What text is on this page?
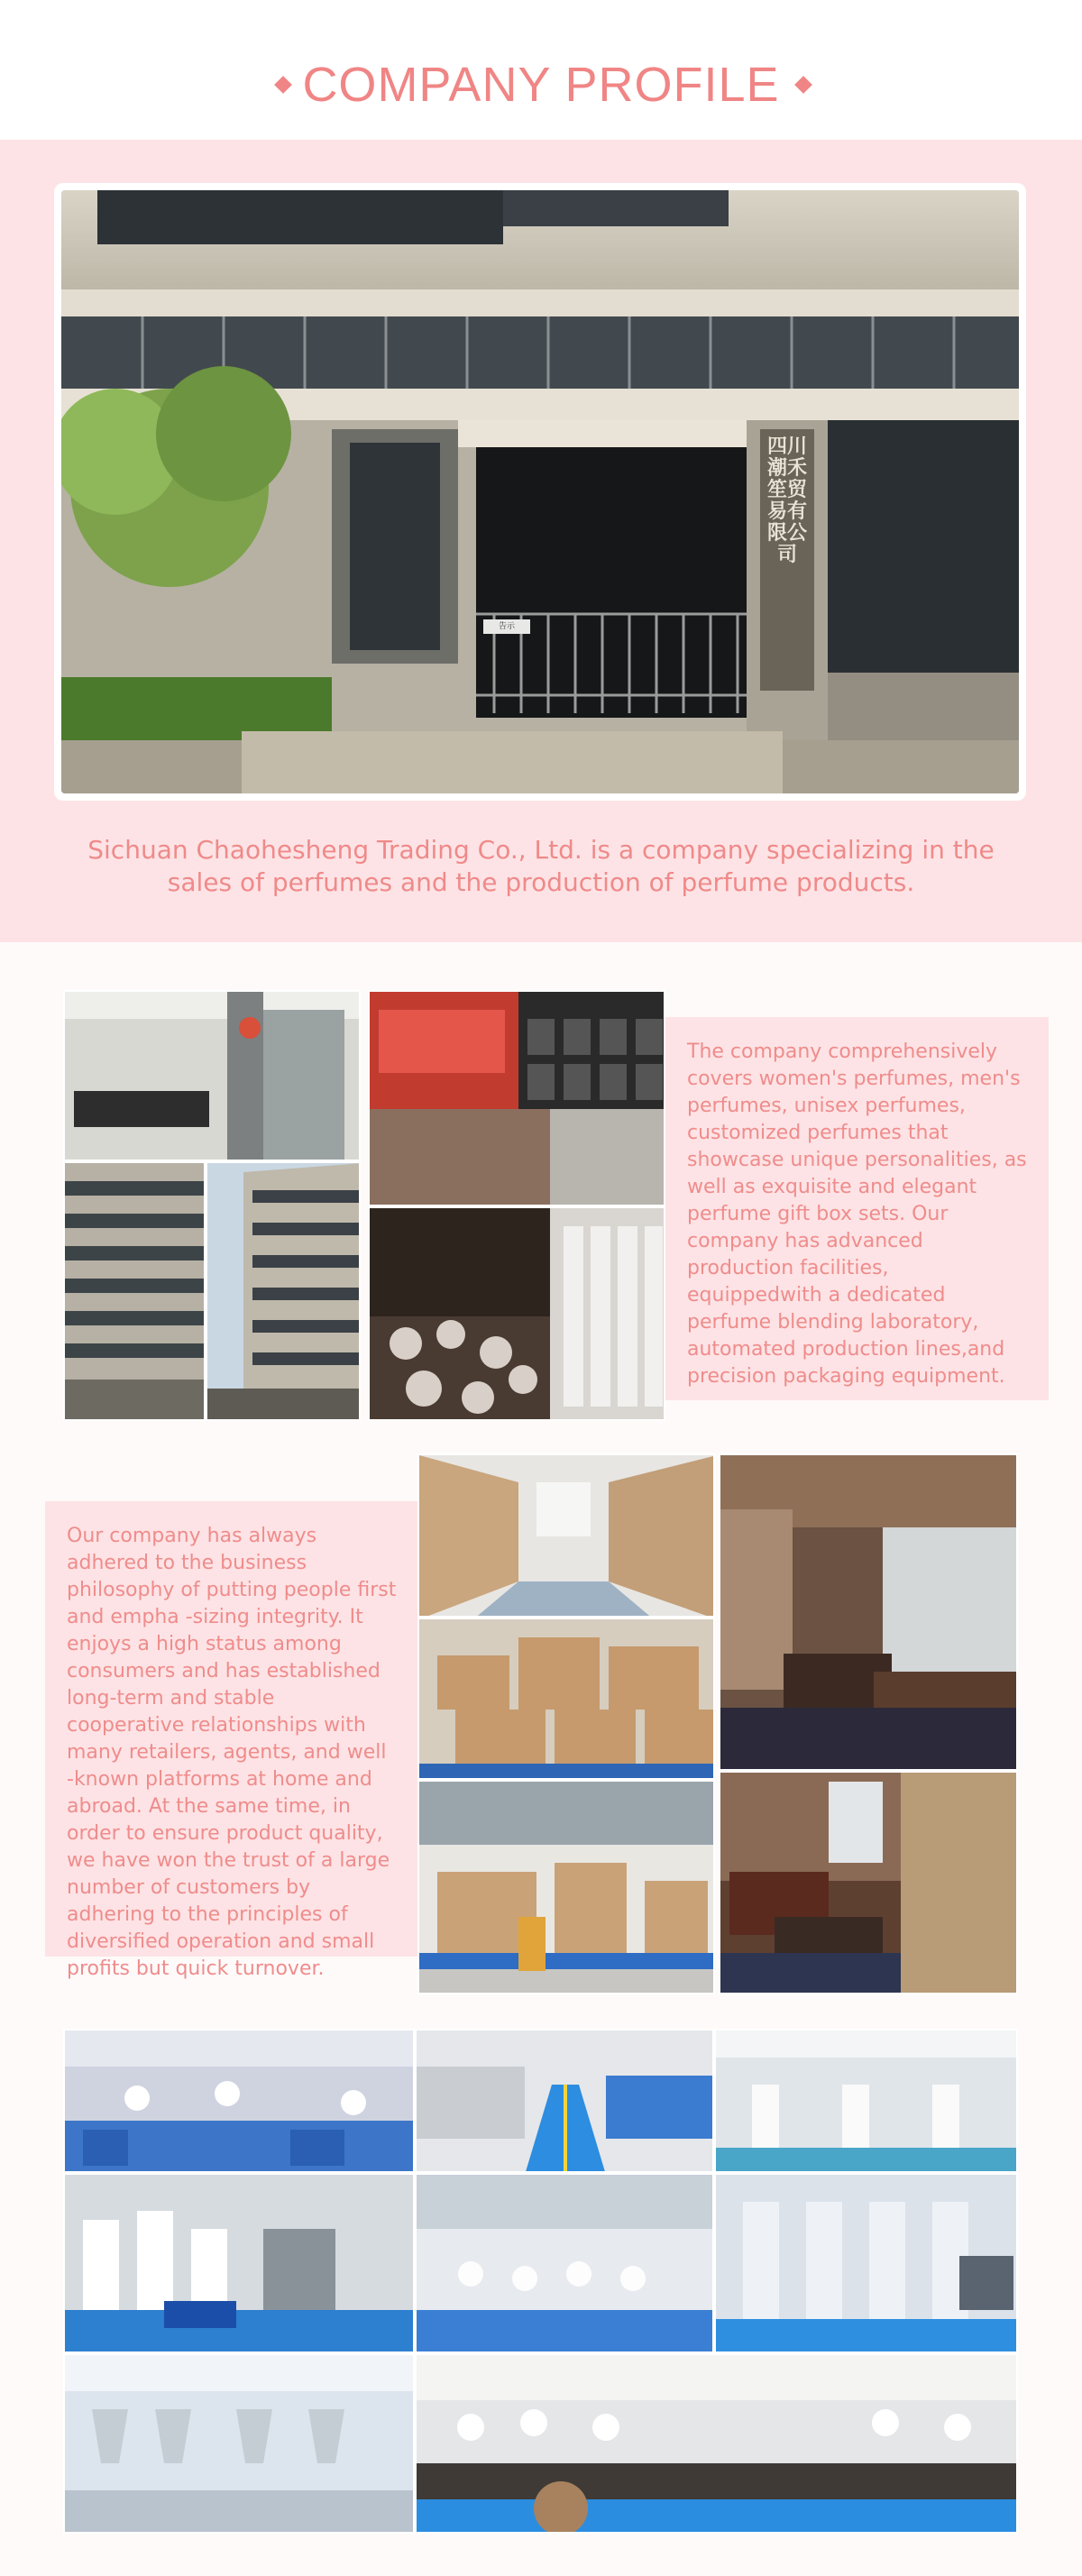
COMPANY PROFILE
告示
四川潮禾笙贸易有限公司
Sichuan Chaohesheng Trading Co., Ltd. is a company specializing in the sales of perfumes and the production of perfume products.
The company comprehensively covers women's perfumes, men's perfumes, unisex perfumes, customized perfumes that showcase unique personalities, as well as exquisite and elegant perfume gift box sets. Our company has advanced production facilities, equippedwith a dedicated perfume blending laboratory, automated production lines,and precision packaging equipment.
Our company has always adhered to the business philosophy of putting people first and empha -sizing integrity. It enjoys a high status among consumers and has established long-term and stable cooperative relationships with many retailers, agents, and well -known platforms at home and abroad. At the same time, in order to ensure product quality, we have won the trust of a large number of customers by adhering to the principles of diversified operation and small profits but quick turnover.
